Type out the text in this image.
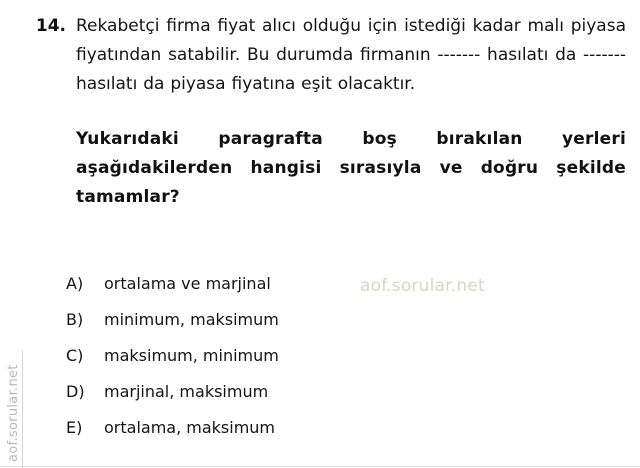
aof.sorular.net
14. Rekabetçi firma fiyat alıcı olduğu için istediği kadar malı piyasa fiyatından satabilir. Bu durumda firmanın ------- hasılatı da ------- hasılatı da piyasa fiyatına eşit olacaktır.
Yukarıdaki paragrafta boş bırakılan yerleri aşağıdakilerden hangisi sırasıyla ve doğru şekilde tamamlar?
aof.sorular.net
A)	ortalama ve marjinal
B)	minimum, maksimum
C)	maksimum, minimum
D)	marjinal, maksimum
E)	ortalama, maksimum
